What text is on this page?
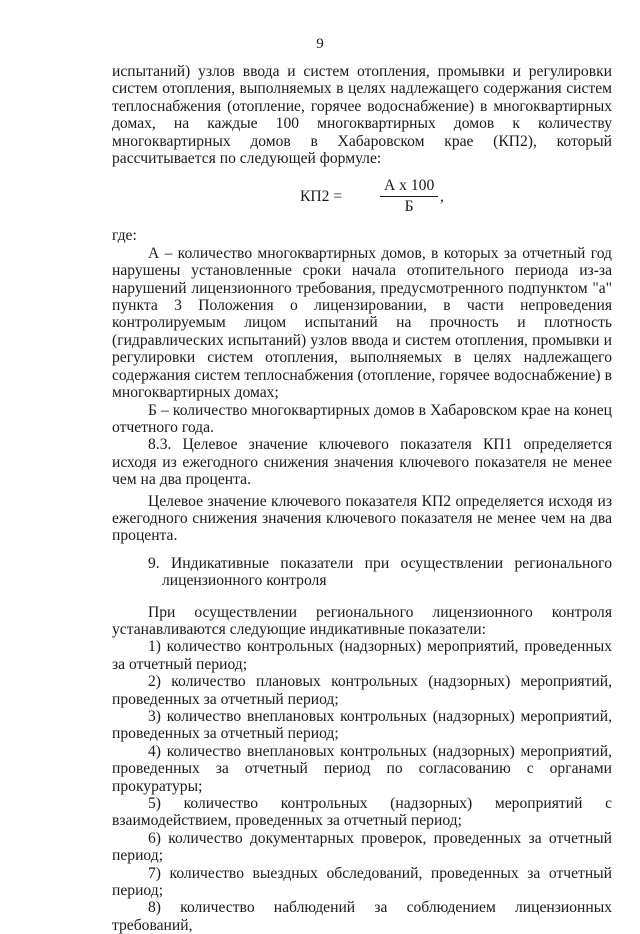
9

испытаний) узлов ввода и систем отопления, промывки и регулировки систем отопления, выполняемых в целях надлежащего содержания систем теплоснабжения (отопление, горячее водоснабжение) в многоквартирных домах, на каждые 100 многоквартирных домов к количеству многоквартирных домов в Хабаровском крае (КП2), который рассчитывается по следующей формуле:

КП2 =
А х 100
Б
,

где:

А – количество многоквартирных домов, в которых за отчетный год нарушены установленные сроки начала отопительного периода из-за нарушений лицензионного требования, предусмотренного подпунктом "а" пункта 3 Положения о лицензировании, в части непроведения контролируемым лицом испытаний на прочность и плотность (гидравлических испытаний) узлов ввода и систем отопления, промывки и регулировки систем отопления, выполняемых в целях надлежащего содержания систем теплоснабжения (отопление, горячее водоснабжение) в многоквартирных домах;

Б – количество многоквартирных домов в Хабаровском крае на конец отчетного года.

8.3. Целевое значение ключевого показателя КП1 определяется исходя из ежегодного снижения значения ключевого показателя не менее чем на два процента.

Целевое значение ключевого показателя КП2 определяется исходя из ежегодного снижения значения ключевого показателя не менее чем на два процента.

9. Индикативные показатели при осуществлении регионального
лицензионного контроля

При осуществлении регионального лицензионного контроля устанавливаются следующие индикативные показатели:

1) количество контрольных (надзорных) мероприятий, проведенных за отчетный период;

2) количество плановых контрольных (надзорных) мероприятий, проведенных за отчетный период;

3) количество внеплановых контрольных (надзорных) мероприятий, проведенных за отчетный период;

4) количество внеплановых контрольных (надзорных) мероприятий, проведенных за отчетный период по согласованию с органами прокуратуры;

5) количество контрольных (надзорных) мероприятий с взаимодействием, проведенных за отчетный период;

6) количество документарных проверок, проведенных за отчетный период;

7) количество выездных обследований, проведенных за отчетный период;

8) количество наблюдений за соблюдением лицензионных требований,
